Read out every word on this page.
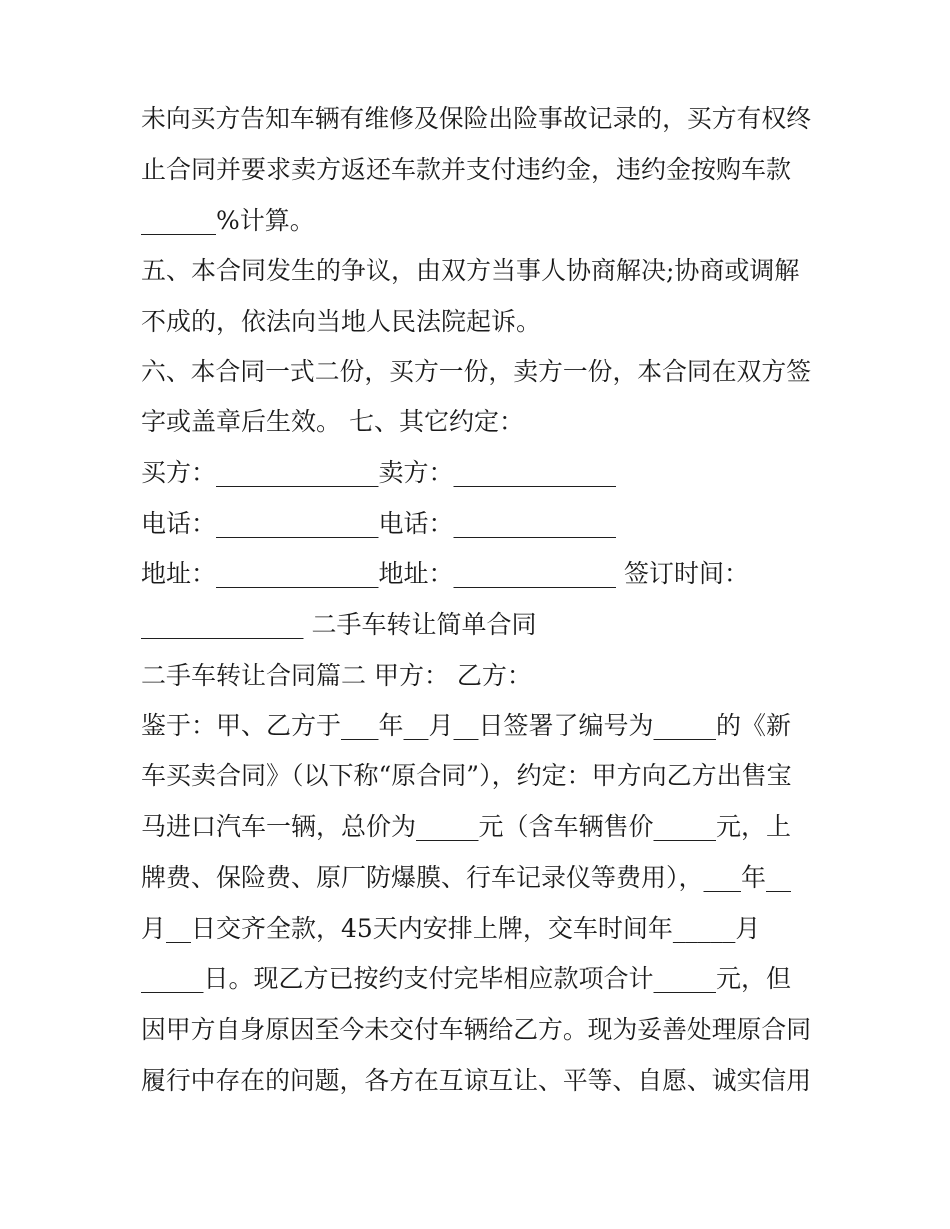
未向买方告知车辆有维修及保险出险事故记录的，买方有权终
止合同并要求卖方返还车款并支付违约金，违约金按购车款
______%计算。
五、本合同发生的争议，由双方当事人协商解决;协商或调解
不成的，依法向当地人民法院起诉。
六、本合同一式二份，买方一份，卖方一份，本合同在双方签
字或盖章后生效。 七、其它约定：
买方：_____________卖方：_____________
电话：_____________电话：_____________
地址：_____________地址：_____________ 签订时间：
_____________ 二手车转让简单合同
二手车转让合同篇二 甲方： 乙方：
鉴于：甲、乙方于___年__月__日签署了编号为_____的《新
车买卖合同》（以下称“原合同”），约定：甲方向乙方出售宝
马进口汽车一辆，总价为_____元（含车辆售价_____元，上
牌费、保险费、原厂防爆膜、行车记录仪等费用），___年__
月__日交齐全款，45天内安排上牌，交车时间年_____月
_____日。现乙方已按约支付完毕相应款项合计_____元，但
因甲方自身原因至今未交付车辆给乙方。现为妥善处理原合同
履行中存在的问题，各方在互谅互让、平等、自愿、诚实信用
